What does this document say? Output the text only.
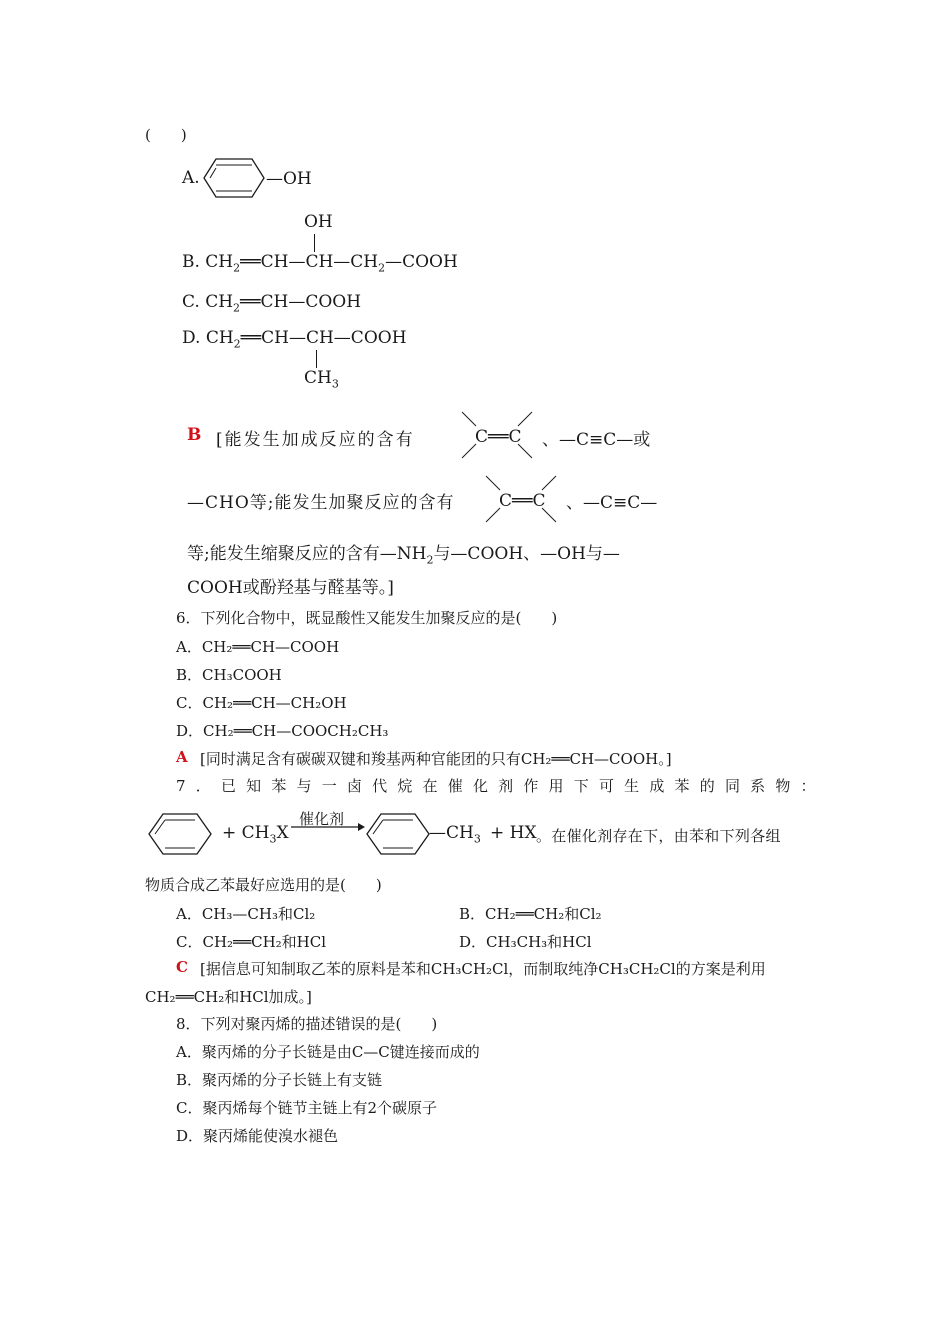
(　　)
A.	—OH
OH
B. $CH_2══CH—CH—CH_2—COOH$
C. $CH_2══CH—COOH$
D. $CH_2══CH—CH—COOH$
$CH_3$
B [能发生加成反应的含有	C══C 、—C≡C—或
—CHO等;能发生加聚反应的含有	C══C 、—C≡C—
等;能发生缩聚反应的含有$—NH_2$与—COOH、—OH与—
COOH或酚羟基与醛基等。]
6．下列化合物中，既显酸性又能发生加聚反应的是(　　)
A．CH₂══CH—COOH
B．CH₃COOH
C．CH₂══CH—CH₂OH
D．CH₂══CH—COOCH₂CH₃
A [同时满足含有碳碳双键和羧基两种官能团的只有CH₂══CH—COOH。]
7．已知苯与一卤代烷在催化剂作用下可生成苯的同系物：
+ $CH_3X$
催化剂
$—CH_3$ + HX 。在催化剂存在下，由苯和下列各组
物质合成乙苯最好应选用的是(　　)
A．CH₃—CH₃和Cl₂	B．CH₂══CH₂和Cl₂
C．CH₂══CH₂和HCl	D．CH₃CH₃和HCl
C [据信息可知制取乙苯的原料是苯和CH₃CH₂Cl，而制取纯净CH₃CH₂Cl的方案是利用
CH₂══CH₂和HCl加成。]
8．下列对聚丙烯的描述错误的是(　　)
A．聚丙烯的分子长链是由C—C键连接而成的
B．聚丙烯的分子长链上有支链
C．聚丙烯每个链节主链上有2个碳原子
D．聚丙烯能使溴水褪色
